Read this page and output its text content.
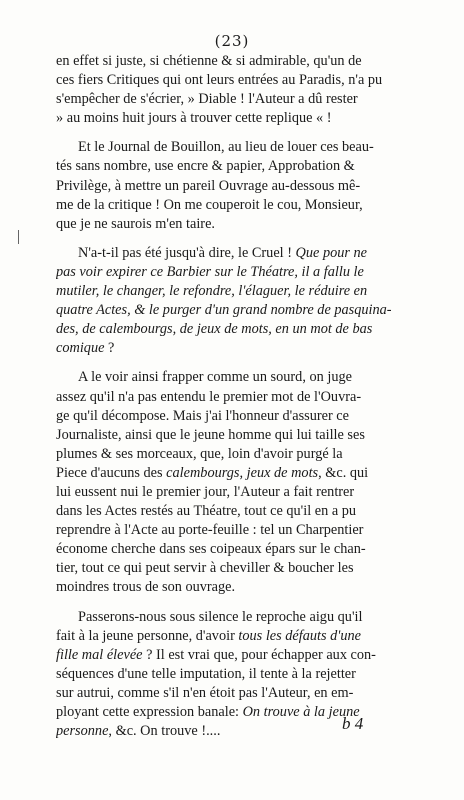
(23)
en effet si juste, si chétienne & si admirable, qu'un de
ces fiers Critiques qui ont leurs entrées au Paradis, n'a pu
s'empêcher de s'écrier, » Diable ! l'Auteur a dû rester
» au moins huit jours à trouver cette replique « !
Et le Journal de Bouillon, au lieu de louer ces beau-
tés sans nombre, use encre & papier, Approbation &
Privilège, à mettre un pareil Ouvrage au-dessous mê-
me de la critique ! On me couperoit le cou, Monsieur,
que je ne saurois m'en taire.
N'a-t-il pas été jusqu'à dire, le Cruel ! Que pour ne
pas voir expirer ce Barbier sur le Théatre, il a fallu le
mutiler, le changer, le refondre, l'élaguer, le réduire en
quatre Actes, & le purger d'un grand nombre de pasquina-
des, de calembourgs, de jeux de mots, en un mot de bas
comique ?
A le voir ainsi frapper comme un sourd, on juge
assez qu'il n'a pas entendu le premier mot de l'Ouvra-
ge qu'il décompose. Mais j'ai l'honneur d'assurer ce
Journaliste, ainsi que le jeune homme qui lui taille ses
plumes & ses morceaux, que, loin d'avoir purgé la
Piece d'aucuns des calembourgs, jeux de mots, &c. qui
lui eussent nui le premier jour, l'Auteur a fait rentrer
dans les Actes restés au Théatre, tout ce qu'il en a pu
reprendre à l'Acte au porte-feuille : tel un Charpentier
économe cherche dans ses coipeaux épars sur le chan-
tier, tout ce qui peut servir à cheviller & boucher les
moindres trous de son ouvrage.
Passerons-nous sous silence le reproche aigu qu'il
fait à la jeune personne, d'avoir tous les défauts d'une
fille mal élevée ? Il est vrai que, pour échapper aux con-
séquences d'une telle imputation, il tente à la rejetter
sur autrui, comme s'il n'en étoit pas l'Auteur, en em-
ployant cette expression banale: On trouve à la jeune
personne, &c. On trouve !....	b 4
